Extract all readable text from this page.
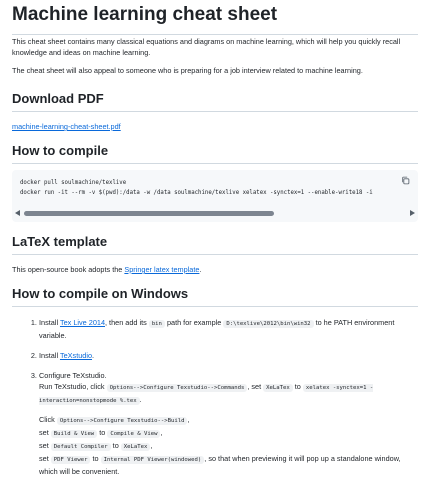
Machine learning cheat sheet

This cheat sheet contains many classical equations and diagrams on machine learning, which will help you quickly recall knowledge and ideas on machine learning.

The cheat sheet will also appeal to someone who is preparing for a job interview related to machine learning.

Download PDF

machine-learning-cheat-sheet.pdf

How to compile
docker pull soulmachine/texlive
docker run -it --rm -v $(pwd):/data -w /data soulmachine/texlive xelatex -synctex=1 --enable-write18 -i
LaTeX template

This open-source book adopts the Springer latex template.

How to compile on Windows
1. Install Tex Live 2014, then add its bin path for example D:\texlive\2012\bin\win32 to he PATH environment variable.
2. Install TeXstudio.
3. Configure TeXstudio.
Run TeXstudio, click Options-->Configure Texstudio-->Commands , set XeLaTex to xelatex -synctex=1 -interaction=nonstopmode %.tex .
Click Options-->Configure Texstudio-->Build ,
set Build & View to Compile & View ,
set Default Compiler to XeLaTex ,
set PDF Viewer to Internal PDF Viewer(windowed) , so that when previewing it will pop up a standalone window, which will be convenient.
